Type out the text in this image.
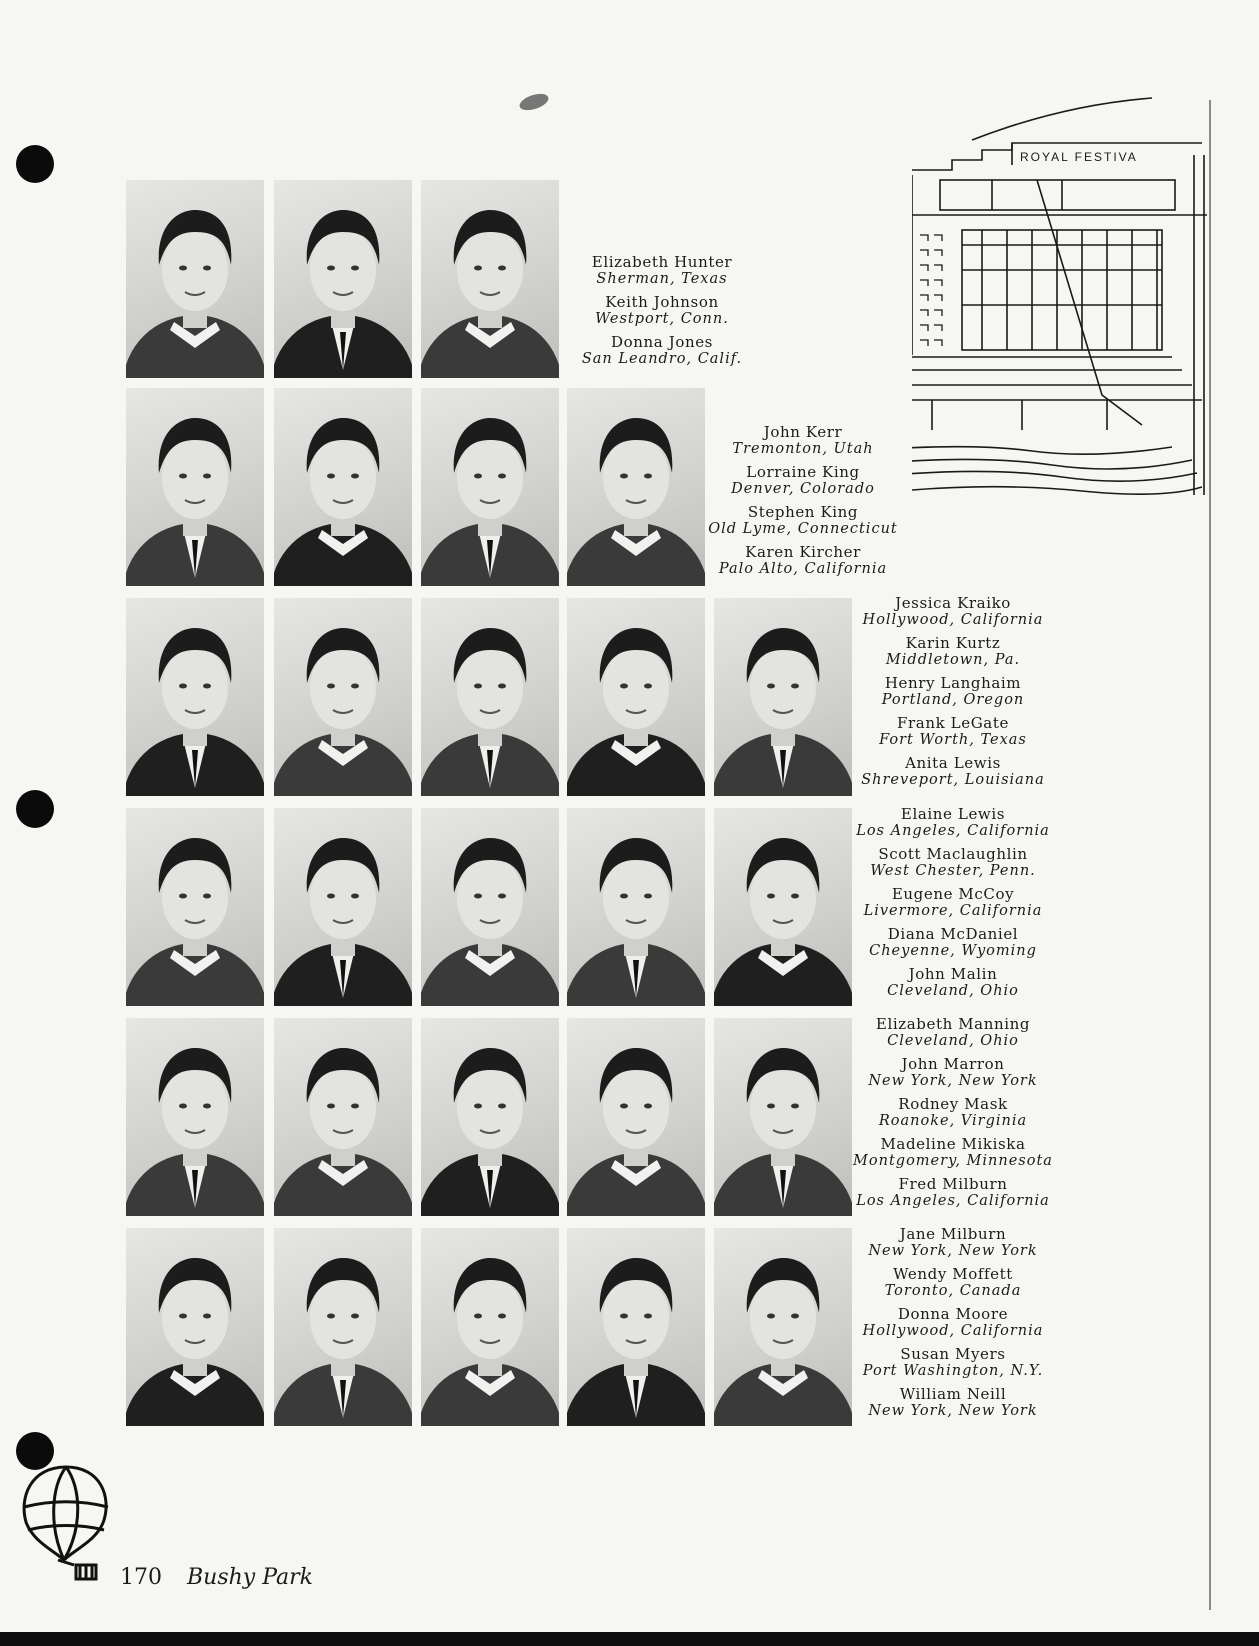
ROYAL FESTIVA
Elizabeth Hunter
Sherman, Texas
Keith Johnson
Westport, Conn.
Donna Jones
San Leandro, Calif.
John Kerr
Tremonton, Utah
Lorraine King
Denver, Colorado
Stephen King
Old Lyme, Connecticut
Karen Kircher
Palo Alto, California
Jessica Kraiko
Hollywood, California
Karin Kurtz
Middletown, Pa.
Henry Langhaim
Portland, Oregon
Frank LeGate
Fort Worth, Texas
Anita Lewis
Shreveport, Louisiana
Elaine Lewis
Los Angeles, California
Scott Maclaughlin
West Chester, Penn.
Eugene McCoy
Livermore, California
Diana McDaniel
Cheyenne, Wyoming
John Malin
Cleveland, Ohio
Elizabeth Manning
Cleveland, Ohio
John Marron
New York, New York
Rodney Mask
Roanoke, Virginia
Madeline Mikiska
Montgomery, Minnesota
Fred Milburn
Los Angeles, California
Jane Milburn
New York, New York
Wendy Moffett
Toronto, Canada
Donna Moore
Hollywood, California
Susan Myers
Port Washington, N.Y.
William Neill
New York, New York
170 Bushy Park
